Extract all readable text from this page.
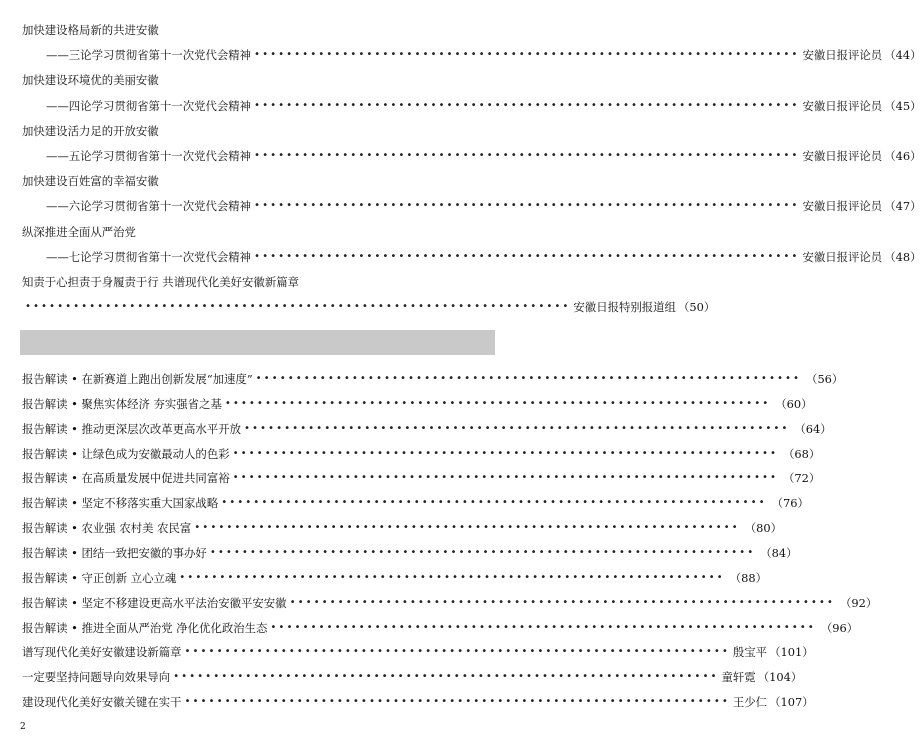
加快建设格局新的共进安徽
——三论学习贯彻省第十一次党代会精神 •••••••••••••••••••••••••••••••••••••••••••••••••••••••••••••••••••• 安徽日报评论员 （44）
加快建设环境优的美丽安徽
——四论学习贯彻省第十一次党代会精神 •••••••••••••••••••••••••••••••••••••••••••••••••••••••••••••••••••• 安徽日报评论员 （45）
加快建设活力足的开放安徽
——五论学习贯彻省第十一次党代会精神 •••••••••••••••••••••••••••••••••••••••••••••••••••••••••••••••••••• 安徽日报评论员 （46）
加快建设百姓富的幸福安徽
——六论学习贯彻省第十一次党代会精神 •••••••••••••••••••••••••••••••••••••••••••••••••••••••••••••••••••• 安徽日报评论员 （47）
纵深推进全面从严治党
——七论学习贯彻省第十一次党代会精神 •••••••••••••••••••••••••••••••••••••••••••••••••••••••••••••••••••• 安徽日报评论员 （48）
知责于心担责于身履责于行 共谱现代化美好安徽新篇章
•••••••••••••••••••••••••••••••••••••••••••••••••••••••••••••••••••• 安徽日报特别报道组 （50）
报告解读 • 在新赛道上跑出创新发展“加速度” •••••••••••••••••••••••••••••••••••••••••••••••••••••••••••••••••••• （56）
报告解读 • 聚焦实体经济 夯实强省之基 •••••••••••••••••••••••••••••••••••••••••••••••••••••••••••••••••••• （60）
报告解读 • 推动更深层次改革更高水平开放 •••••••••••••••••••••••••••••••••••••••••••••••••••••••••••••••••••• （64）
报告解读 • 让绿色成为安徽最动人的色彩 •••••••••••••••••••••••••••••••••••••••••••••••••••••••••••••••••••• （68）
报告解读 • 在高质量发展中促进共同富裕 •••••••••••••••••••••••••••••••••••••••••••••••••••••••••••••••••••• （72）
报告解读 • 坚定不移落实重大国家战略 •••••••••••••••••••••••••••••••••••••••••••••••••••••••••••••••••••• （76）
报告解读 • 农业强 农村美 农民富 •••••••••••••••••••••••••••••••••••••••••••••••••••••••••••••••••••• （80）
报告解读 • 团结一致把安徽的事办好 •••••••••••••••••••••••••••••••••••••••••••••••••••••••••••••••••••• （84）
报告解读 • 守正创新 立心立魂 •••••••••••••••••••••••••••••••••••••••••••••••••••••••••••••••••••• （88）
报告解读 • 坚定不移建设更高水平法治安徽平安安徽 •••••••••••••••••••••••••••••••••••••••••••••••••••••••••••••••••••• （92）
报告解读 • 推进全面从严治党 净化优化政治生态 •••••••••••••••••••••••••••••••••••••••••••••••••••••••••••••••••••• （96）
谱写现代化美好安徽建设新篇章 •••••••••••••••••••••••••••••••••••••••••••••••••••••••••••••••••••• 殷宝平 （101）
一定要坚持问题导向效果导向 •••••••••••••••••••••••••••••••••••••••••••••••••••••••••••••••••••• 童轩霓 （104）
建设现代化美好安徽关键在实干 •••••••••••••••••••••••••••••••••••••••••••••••••••••••••••••••••••• 王少仁 （107）
2
